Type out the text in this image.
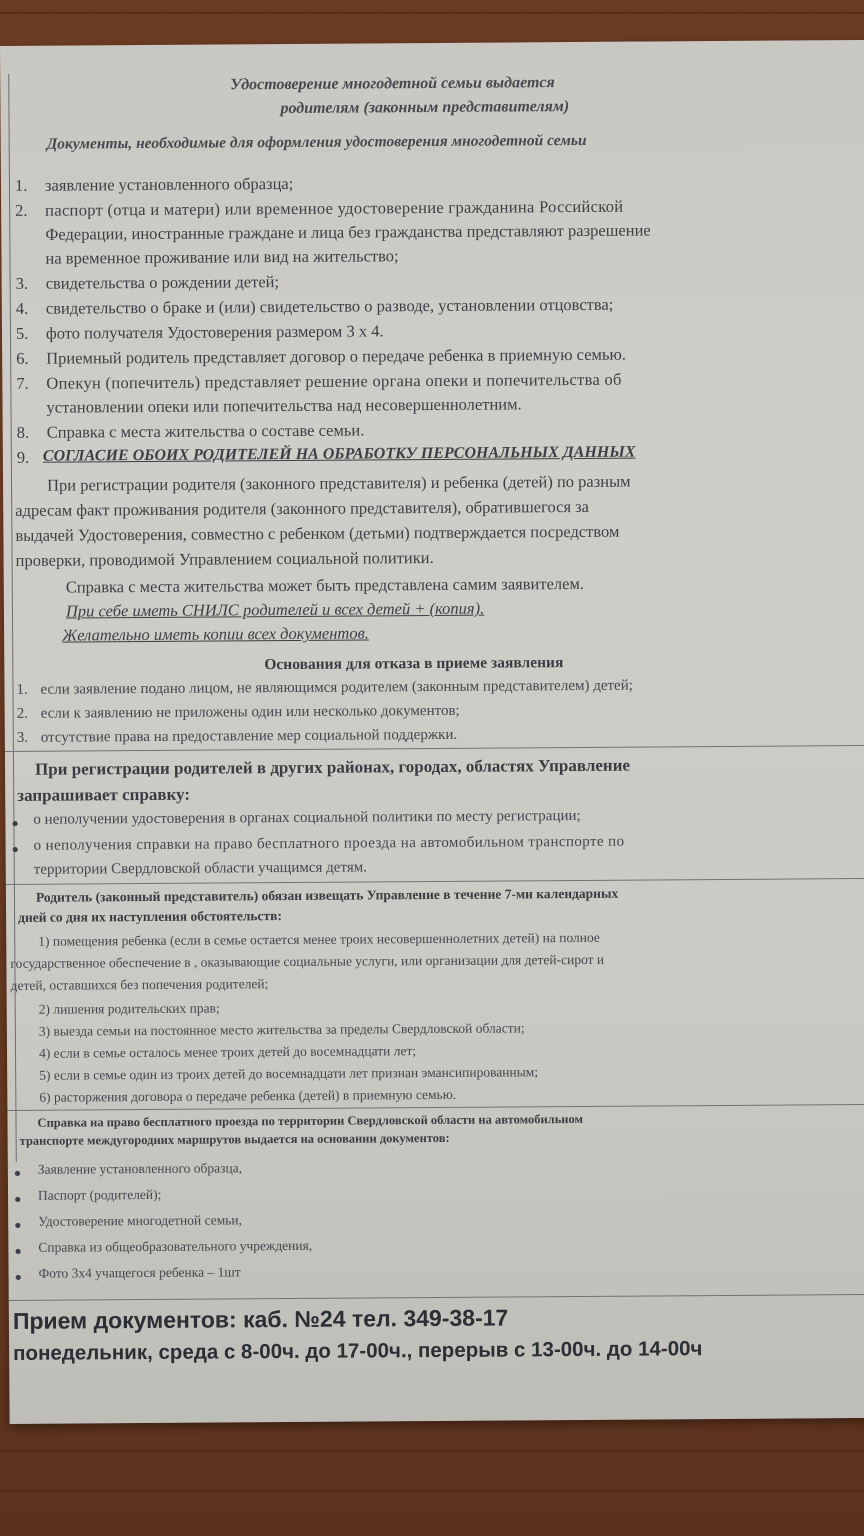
Удостоверение многодетной семьи выдается
родителям (законным представителям)
Документы, необходимые для оформления удостоверения многодетной семьи
1. заявление установленного образца;
2. паспорт (отца и матери) или временное удостоверение гражданина Российской
Федерации, иностранные граждане и лица без гражданства представляют разрешение
на временное проживание или вид на жительство;
3. свидетельства о рождении детей;
4. свидетельство о браке и (или) свидетельство о разводе, установлении отцовства;
5. фото получателя Удостоверения размером 3 х 4.
6. Приемный родитель представляет договор о передаче ребенка в приемную семью.
7. Опекун (попечитель) представляет решение органа опеки и попечительства об
установлении опеки или попечительства над несовершеннолетним.
8. Справка с места жительства о составе семьи.
9. СОГЛАСИЕ ОБОИХ РОДИТЕЛЕЙ НА ОБРАБОТКУ ПЕРСОНАЛЬНЫХ ДАННЫХ
При регистрации родителя (законного представителя) и ребенка (детей) по разным
адресам факт проживания родителя (законного представителя), обратившегося за
выдачей Удостоверения, совместно с ребенком (детьми) подтверждается посредством
проверки, проводимой Управлением социальной политики.
Справка с места жительства может быть представлена самим заявителем.
При себе иметь СНИЛС родителей и всех детей + (копия).
Желательно иметь копии всех документов.
Основания для отказа в приеме заявления
1. если заявление подано лицом, не являющимся родителем (законным представителем) детей;
2. если к заявлению не приложены один или несколько документов;
3. отсутствие права на предоставление мер социальной поддержки.
При регистрации родителей в других районах, городах, областях Управление
запрашивает справку:
● о неполучении удостоверения в органах социальной политики по месту регистрации;
● о неполучения справки на право бесплатного проезда на автомобильном транспорте по
территории Свердловской области учащимся детям.
Родитель (законный представитель) обязан извещать Управление в течение 7-ми календарных
дней со дня их наступления обстоятельств:
1) помещения ребенка (если в семье остается менее троих несовершеннолетних детей) на полное
государственное обеспечение в , оказывающие социальные услуги, или организации для детей-сирот и
детей, оставшихся без попечения родителей;
2) лишения родительских прав;
3) выезда семьи на постоянное место жительства за пределы Свердловской области;
4) если в семье осталось менее троих детей до восемнадцати лет;
5) если в семье один из троих детей до восемнадцати лет признан эмансипированным;
6) расторжения договора о передаче ребенка (детей) в приемную семью.
Справка на право бесплатного проезда по территории Свердловской области на автомобильном
транспорте междугородних маршрутов выдается на основании документов:
● Заявление установленного образца,
● Паспорт (родителей);
● Удостоверение многодетной семьи,
● Справка из общеобразовательного учреждения,
● Фото 3х4 учащегося ребенка – 1шт
Прием документов: каб. №24 тел. 349-38-17
понедельник, среда с 8-00ч. до 17-00ч., перерыв с 13-00ч. до 14-00ч
